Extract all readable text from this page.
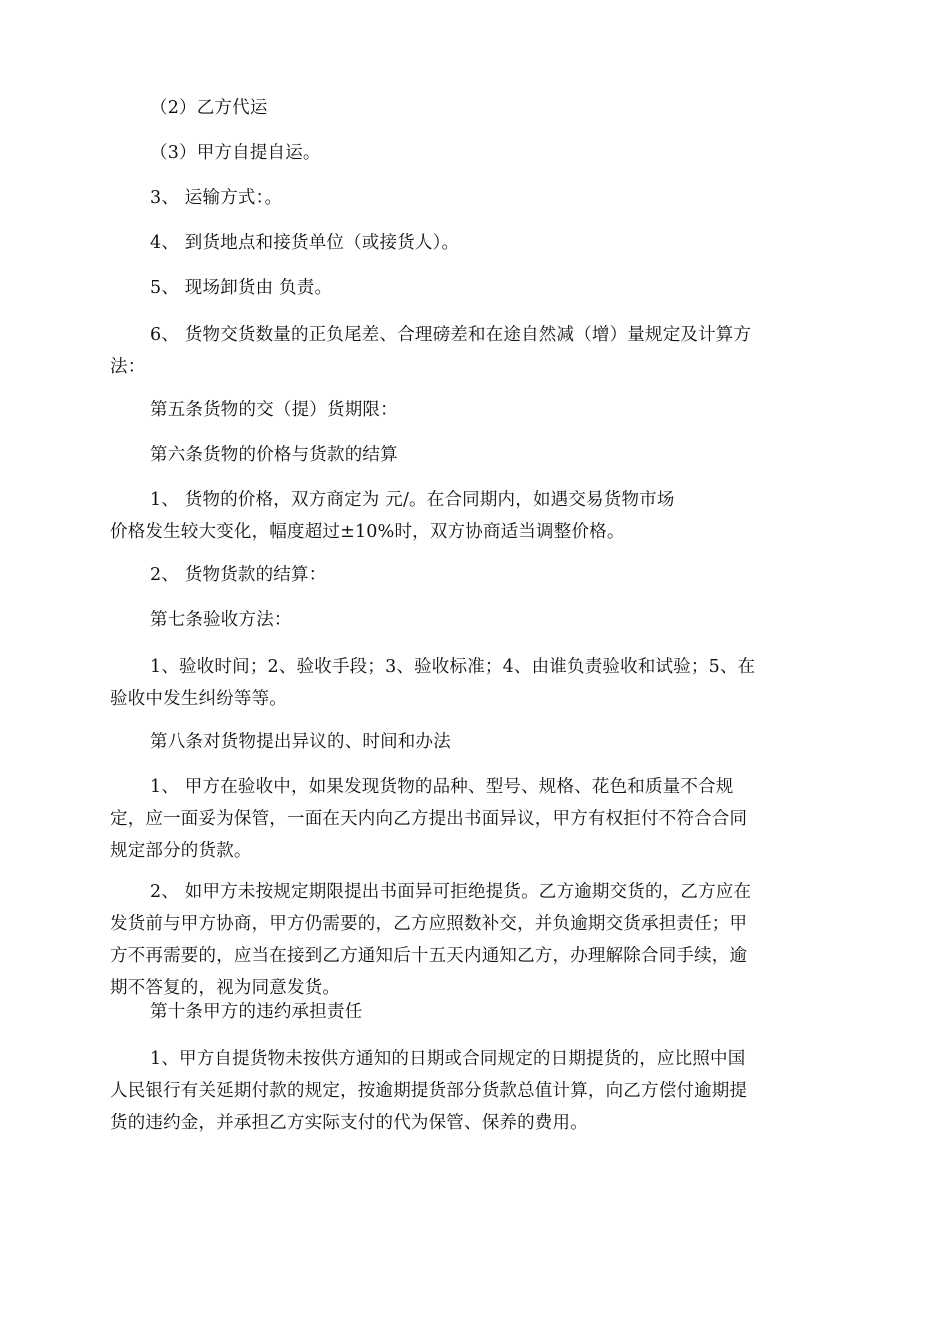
（2）乙方代运

（3）甲方自提自运。

3、 运输方式：。

4、 到货地点和接货单位（或接货人）。

5、 现场卸货由 负责。

6、 货物交货数量的正负尾差、合理磅差和在途自然减（增）量规定及计算方
法：

第五条货物的交（提）货期限：

第六条货物的价格与货款的结算

1、 货物的价格，双方商定为 元/。在合同期内，如遇交易货物市场
价格发生较大变化，幅度超过±10%时，双方协商适当调整价格。

2、 货物货款的结算：

第七条验收方法：

1、验收时间；2、验收手段；3、验收标准；4、由谁负责验收和试验；5、在
验收中发生纠纷等等。

第八条对货物提出异议的、时间和办法

1、 甲方在验收中，如果发现货物的品种、型号、规格、花色和质量不合规
定，应一面妥为保管，一面在天内向乙方提出书面异议，甲方有权拒付不符合合同
规定部分的货款。

2、 如甲方未按规定期限提出书面异可拒绝提货。乙方逾期交货的，乙方应在
发货前与甲方协商，甲方仍需要的，乙方应照数补交，并负逾期交货承担责任；甲
方不再需要的，应当在接到乙方通知后十五天内通知乙方，办理解除合同手续，逾
期不答复的，视为同意发货。

第十条甲方的违约承担责任

1、甲方自提货物未按供方通知的日期或合同规定的日期提货的，应比照中国
人民银行有关延期付款的规定，按逾期提货部分货款总值计算，向乙方偿付逾期提
货的违约金，并承担乙方实际支付的代为保管、保养的费用。
